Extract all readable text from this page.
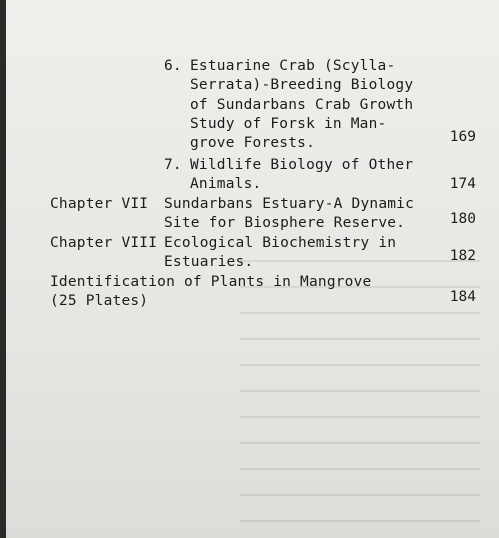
6. Estuarine Crab (Scylla-
Serrata)-Breeding Biology
of Sundarbans Crab Growth
Study of Forsk in Man-
grove Forests.	169
7. Wildlife Biology of Other
Animals.	174
Chapter VII Sundarbans Estuary-A Dynamic
Site for Biosphere Reserve.	180
Chapter VIII Ecological Biochemistry in
Estuaries.	182
Identification of Plants in Mangrove
(25 Plates)	184
